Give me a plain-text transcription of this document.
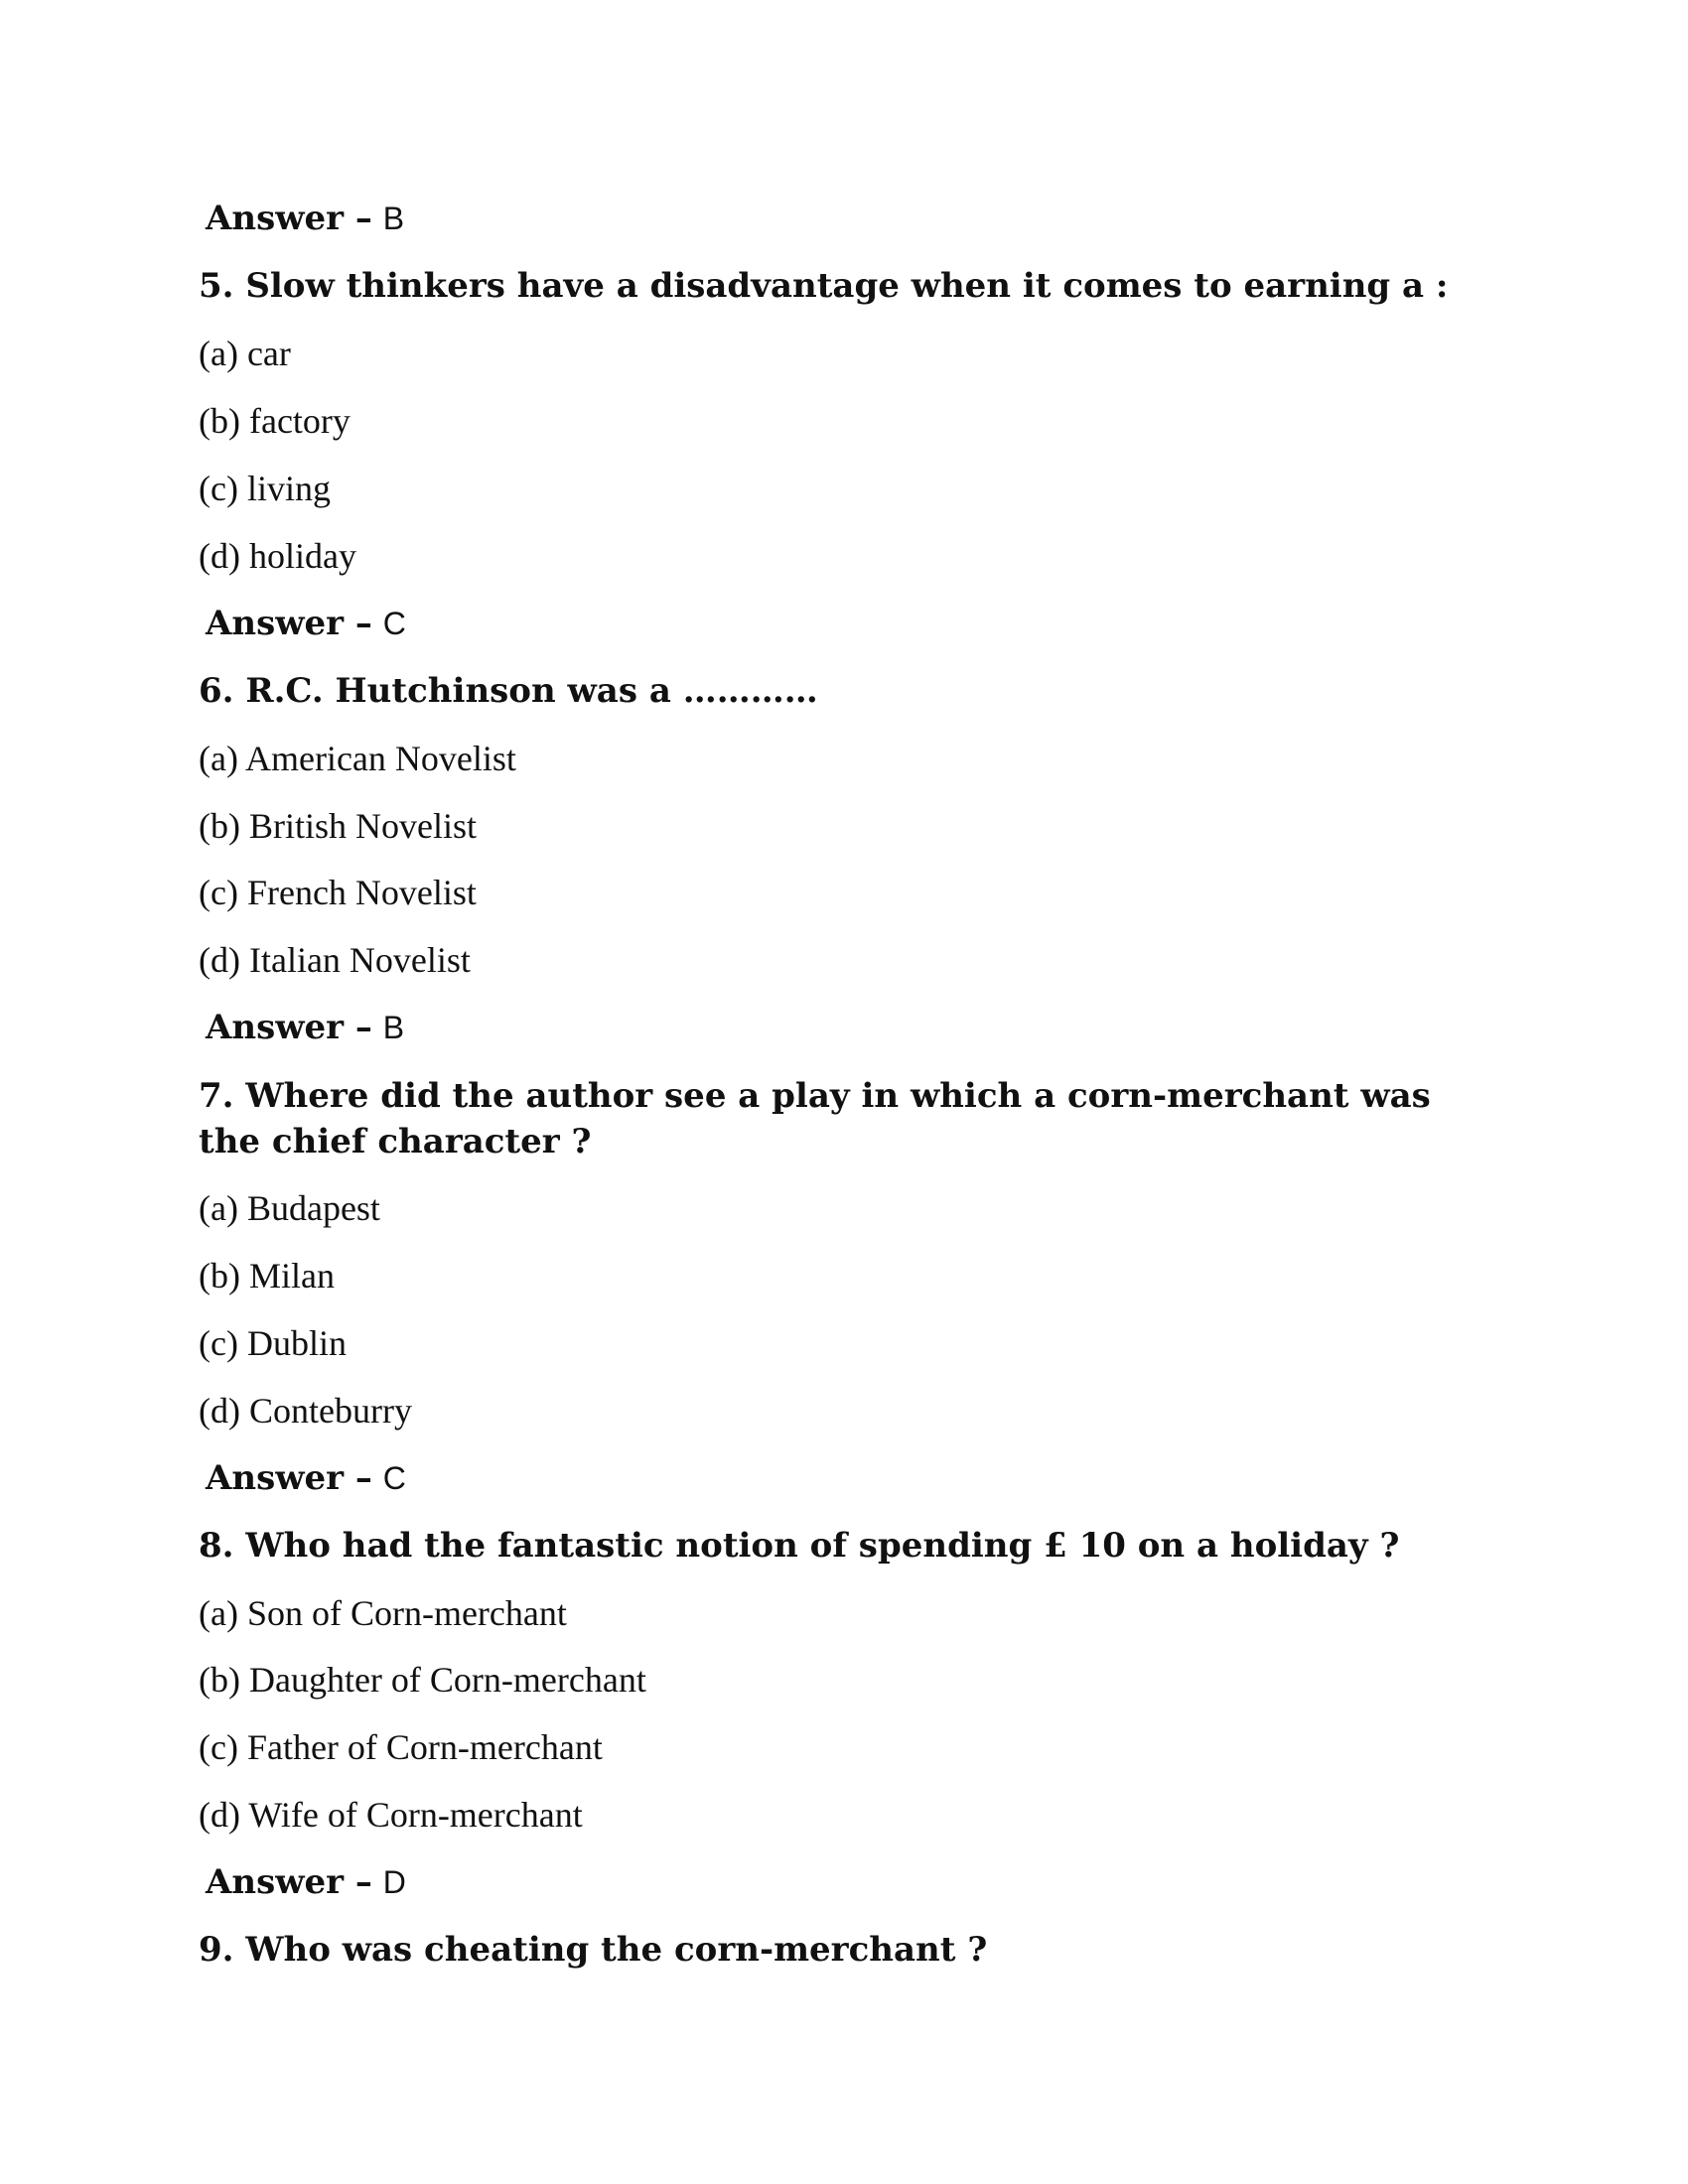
Answer – B
5. Slow thinkers have a disadvantage when it comes to earning a :
(a) car
(b) factory
(c) living
(d) holiday
Answer – C
6. R.C. Hutchinson was a …………
(a) American Novelist
(b) British Novelist
(c) French Novelist
(d) Italian Novelist
Answer – B
7. Where did the author see a play in which a corn-merchant was the chief character ?
(a) Budapest
(b) Milan
(c) Dublin
(d) Conteburry
Answer – C
8. Who had the fantastic notion of spending £ 10 on a holiday ?
(a) Son of Corn-merchant
(b) Daughter of Corn-merchant
(c) Father of Corn-merchant
(d) Wife of Corn-merchant
Answer – D
9. Who was cheating the corn-merchant ?
